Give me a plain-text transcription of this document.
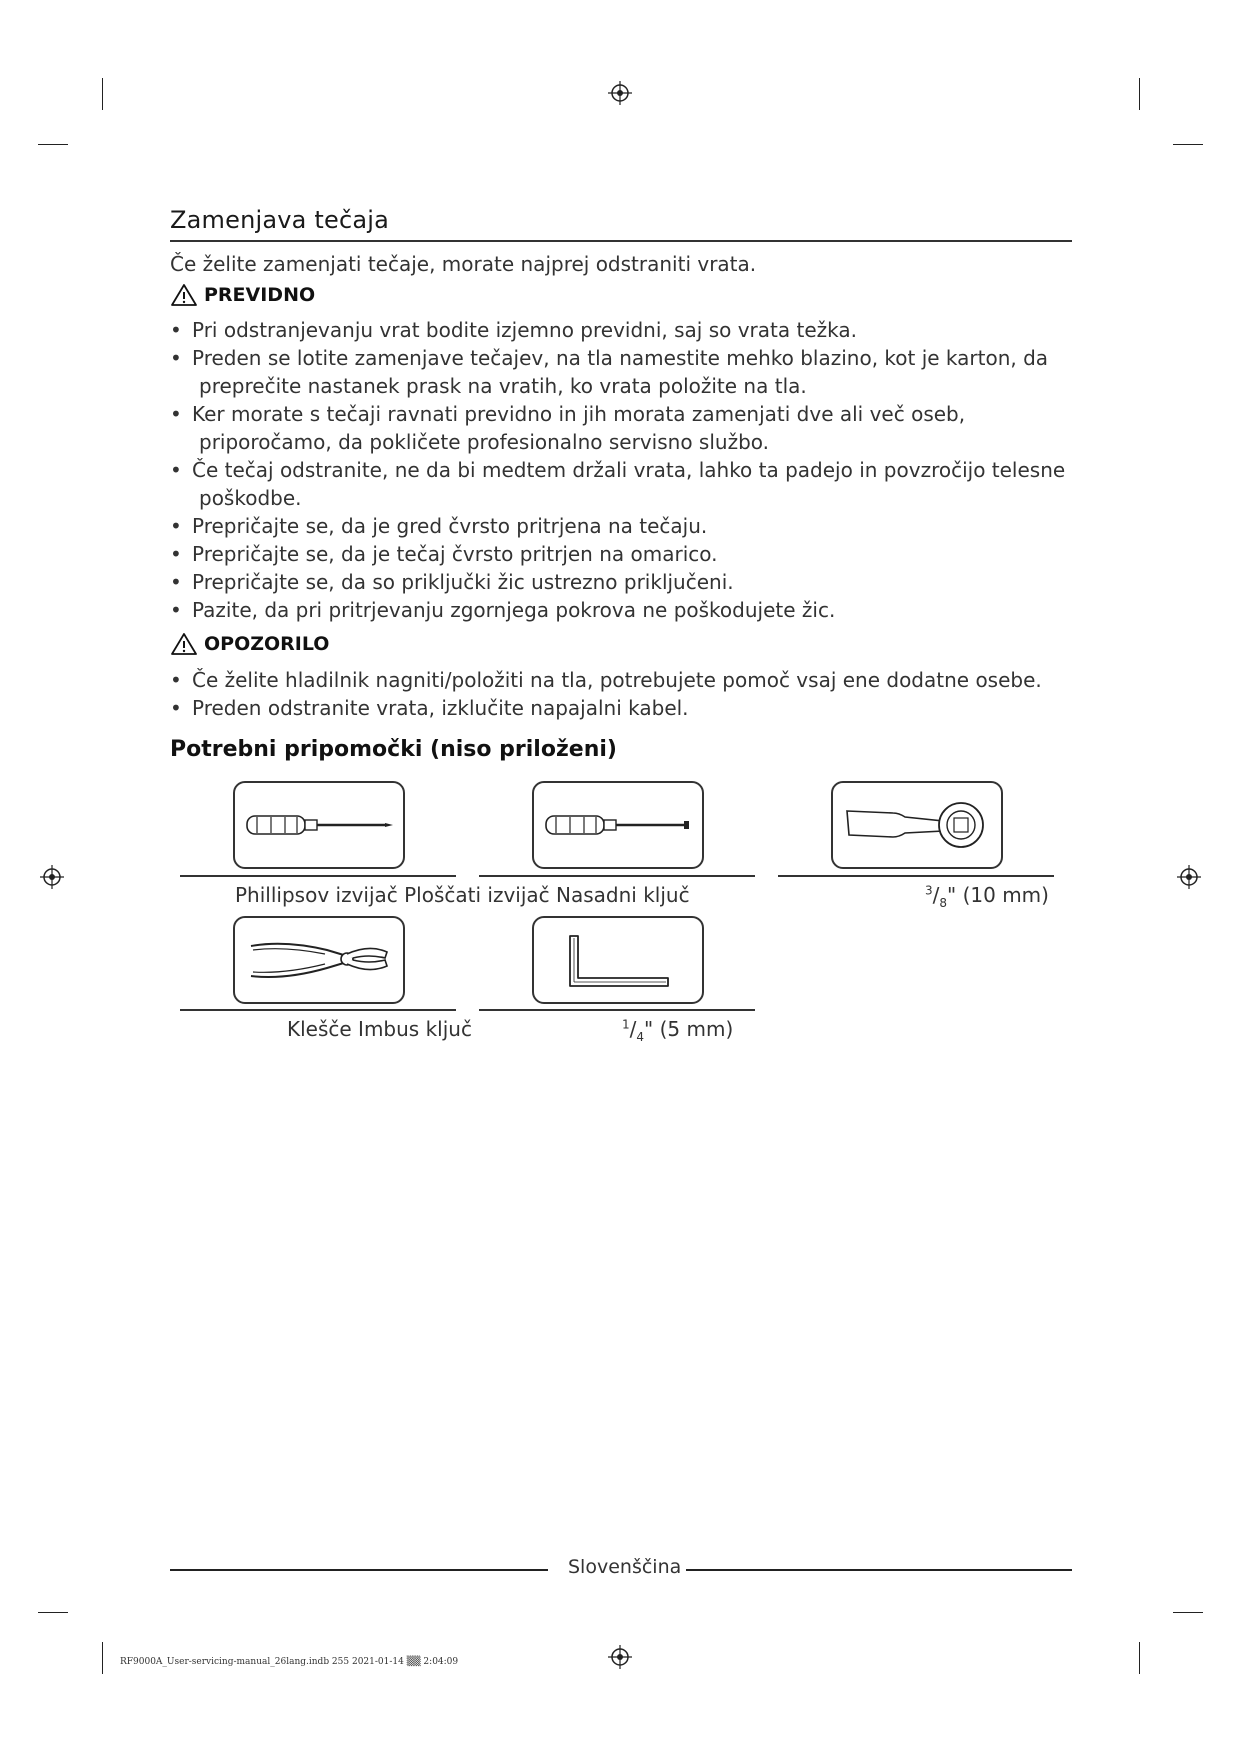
Zamenjava tečaja
Če želite zamenjati tečaje, morate najprej odstraniti vrata.
PREVIDNO
• Pri odstranjevanju vrat bodite izjemno previdni, saj so vrata težka.
• Preden se lotite zamenjave tečajev, na tla namestite mehko blazino, kot je karton, da
preprečite nastanek prask na vratih, ko vrata položite na tla.
• Ker morate s tečaji ravnati previdno in jih morata zamenjati dve ali več oseb,
priporočamo, da pokličete profesionalno servisno službo.
• Če tečaj odstranite, ne da bi medtem držali vrata, lahko ta padejo in povzročijo telesne
poškodbe.
• Prepričajte se, da je gred čvrsto pritrjena na tečaju.
• Prepričajte se, da je tečaj čvrsto pritrjen na omarico.
• Prepričajte se, da so priključki žic ustrezno priključeni.
• Pazite, da pri pritrjevanju zgornjega pokrova ne poškodujete žic.
OPOZORILO
• Če želite hladilnik nagniti/položiti na tla, potrebujete pomoč vsaj ene dodatne osebe.
• Preden odstranite vrata, izklučite napajalni kabel.
Potrebni pripomočki (niso priloženi)
Phillipsov izvijač Ploščati izvijač Nasadni ključ	$^3/_8$" (10 mm)
Klešče Imbus ključ	$^1/_4$" (5 mm)
Slovenščina
RF9000A_User-servicing-manual_26lang.indb 255 2021-01-14 ▒▒ 2:04:09
